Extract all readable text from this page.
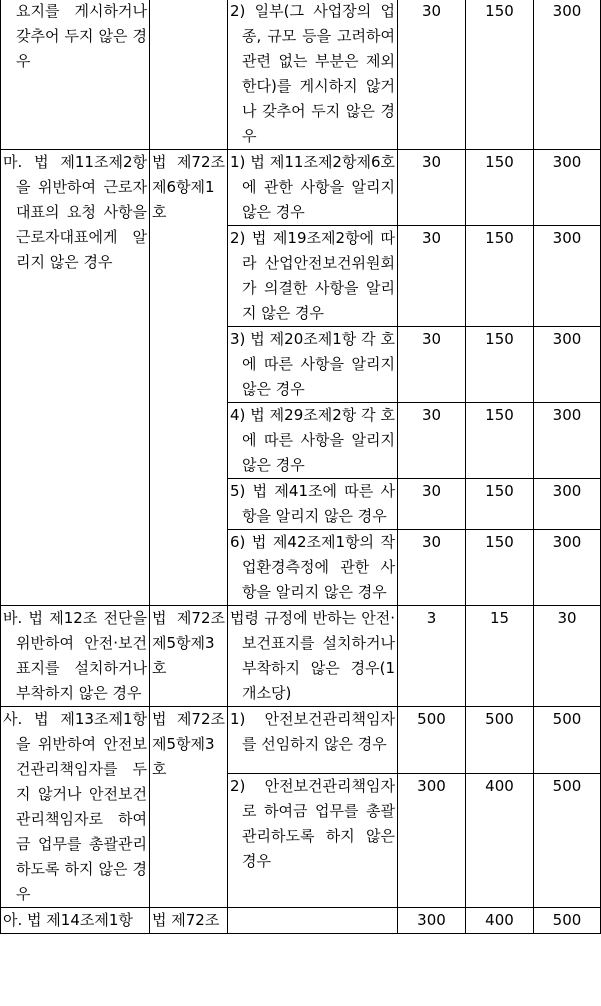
요지를 게시하거나 갖추어 두지 않은 경우		2) 일부(그 사업장의 업종, 규모 등을 고려하여 관련 없는 부분은 제외한다)를 게시하지 않거나 갖추어 두지 않은 경우	30	150	300

마. 법 제11조제2항을 위반하여 근로자대표의 요청 사항을 근로자대표에게 알리지 않은 경우	법 제72조제6항제1호	1) 법 제11조제2항제6호에 관한 사항을 알리지 않은 경우	30	150	300

		2) 법 제19조제2항에 따라 산업안전보건위원회가 의결한 사항을 알리지 않은 경우	30	150	300

		3) 법 제20조제1항 각 호에 따른 사항을 알리지 않은 경우	30	150	300

		4) 법 제29조제2항 각 호에 따른 사항을 알리지 않은 경우	30	150	300

		5) 법 제41조에 따른 사항을 알리지 않은 경우	30	150	300

		6) 법 제42조제1항의 작업환경측정에 관한 사항을 알리지 않은 경우	30	150	300

바. 법 제12조 전단을 위반하여 안전·보건표지를 설치하거나 부착하지 않은 경우	법 제72조제5항제3호	법령 규정에 반하는 안전·보건표지를 설치하거나 부착하지 않은 경우(1개소당)	3	15	30

사. 법 제13조제1항을 위반하여 안전보건관리책임자를 두지 않거나 안전보건관리책임자로 하여금 업무를 총괄관리하도록 하지 않은 경우	법 제72조제5항제3호	1) 안전보건관리책임자를 선임하지 않은 경우	500	500	500

		2) 안전보건관리책임자로 하여금 업무를 총괄관리하도록 하지 않은 경우	300	400	500

아. 법 제14조제1항	법 제72조		300	400	500
